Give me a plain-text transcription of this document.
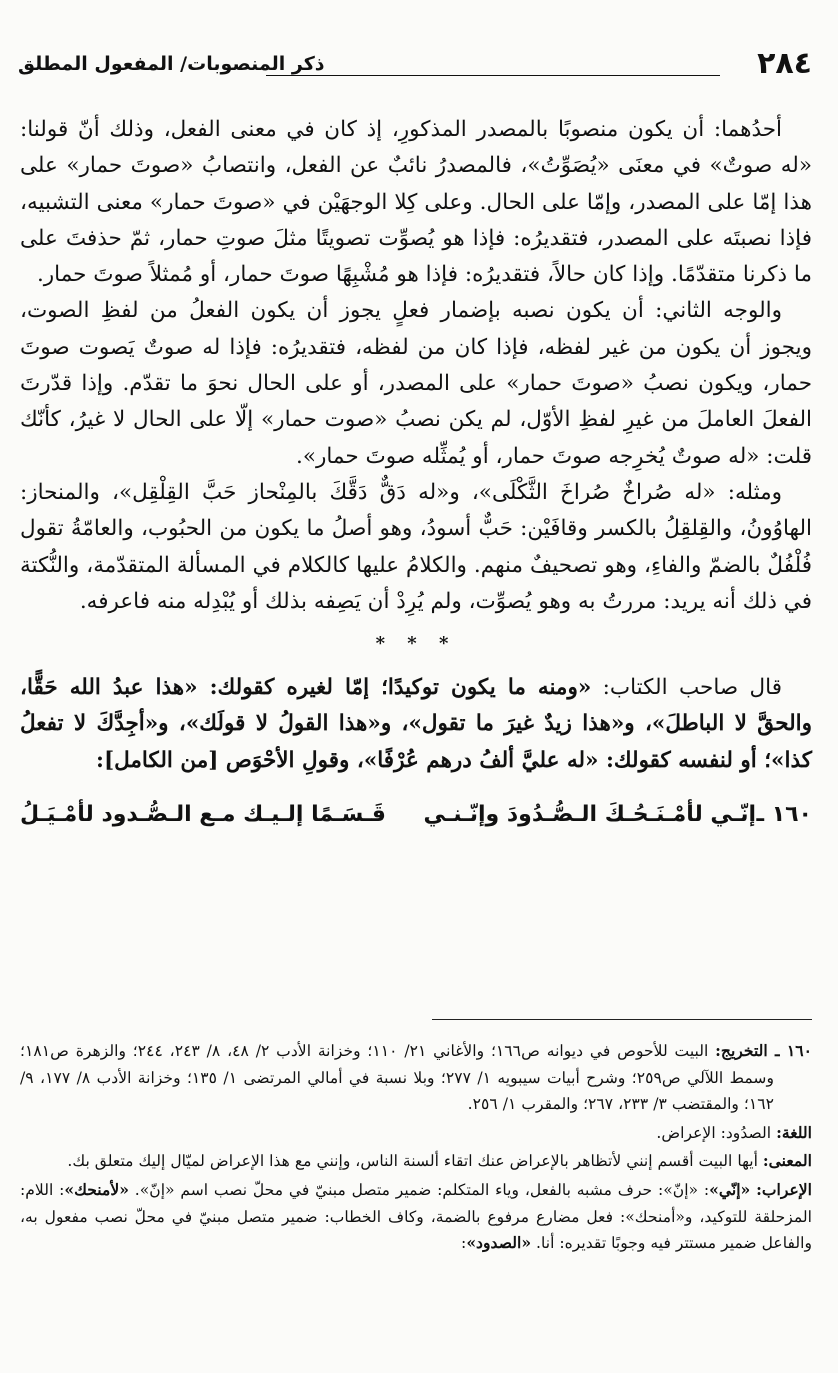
٢٨٤
ذكر المنصوبات/ المفعول المطلق

أحدُهما: أن يكون منصوبًا بالمصدر المذكورِ، إذ كان في معنى الفعل، وذلك أنّ قولنا: «له صوتٌ» في معنَى «يُصَوِّتُ»، فالمصدرُ نائبٌ عن الفعل، وانتصابُ «صوتَ حمار» على هذا إمّا على المصدر، وإمّا على الحال. وعلى كِلا الوجهَيْن في «صوتَ حمار» معنى التشبيه، فإذا نصبتَه على المصدر، فتقديرُه: فإذا هو يُصوِّت تصويتًا مثلَ صوتِ حمار، ثمّ حذفتَ على ما ذكرنا متقدّمًا. وإذا كان حالاً، فتقديرُه: فإذا هو مُشْبِهًا صوتَ حمار، أو مُمثلاً صوتَ حمار.

والوجه الثاني: أن يكون نصبه بإضمار فعلٍ يجوز أن يكون الفعلُ من لفظِ الصوت، ويجوز أن يكون من غير لفظه، فإذا كان من لفظه، فتقديرُه: فإذا له صوتٌ يَصوت صوتَ حمار، ويكون نصبُ «صوتَ حمار» على المصدر، أو على الحال نحوَ ما تقدّم. وإذا قدّرتَ الفعلَ العاملَ من غيرِ لفظِ الأوّل، لم يكن نصبُ «صوت حمار» إلّا على الحال لا غيرُ، كأنّك قلت: «له صوتٌ يُخرِجه صوتَ حمار، أو يُمثِّله صوتَ حمار».

ومثله: «له صُراخٌ صُراخَ الثَّكْلَى»، و«له دَقٌّ دَقَّكَ بالمِنْحاز حَبَّ القِلْقِل»، والمنحاز: الهاوُونُ، والقِلقِلُ بالكسر وقافَيْن: حَبٌّ أسودُ، وهو أصلُ ما يكون من الحبُوب، والعامّةُ تقول فُلْفُلٌ بالضمّ والفاءِ، وهو تصحيفٌ منهم. والكلامُ عليها كالكلام في المسألة المتقدّمة، والنُّكتة في ذلك أنه يريد: مررتُ به وهو يُصوِّت، ولم يُرِدْ أن يَصِفه بذلك أو يُبْدِله منه فاعرفه.

* * *

قال صاحب الكتاب: «ومنه ما يكون توكيدًا؛ إمّا لغيره كقولك: «هذا عبدُ الله حَقًّا، والحقَّ لا الباطلَ»، و«هذا زيدٌ غيرَ ما تقول»، و«هذا القولُ لا قولَك»، و«أجِدَّكَ لا تفعلُ كذا»؛ أو لنفسه كقولك: «له عليَّ ألفُ درهم عُرْفًا»، وقولِ الأحْوَص [من الكامل]:

١٦٠ ـ
إنّـي لأمْـنَـحُـكَ الـصُّـدُودَ وإنّـنـي
قَـسَـمًا إلـيـك مـع الـصُّـدود لأمْـيَـلُ

١٦٠ ـ التخريج: البيت للأحوص في ديوانه ص١٦٦؛ والأغاني ٢١/ ١١٠؛ وخزانة الأدب ٢/ ٤٨، ٨/ ٢٤٣، ٢٤٤؛ والزهرة ص١٨١؛ وسمط اللآلي ص٢٥٩؛ وشرح أبيات سيبويه ١/ ٢٧٧؛ وبلا نسبة في أمالي المرتضى ١/ ١٣٥؛ وخزانة الأدب ٨/ ١٧٧، ٩/ ١٦٢؛ والمقتضب ٣/ ٢٣٣، ٢٦٧؛ والمقرب ١/ ٢٥٦.

اللغة: الصدُود: الإعراض.

المعنى: أيها البيت أقسم إنني لأتظاهر بالإعراض عنك اتقاء ألسنة الناس، وإنني مع هذا الإعراض لميّال إليك متعلق بك.

الإعراب: «إنّي»: «إنّ»: حرف مشبه بالفعل، وياء المتكلم: ضمير متصل مبنيّ في محلّ نصب اسم «إنّ». «لأمنحك»: اللام: المزحلقة للتوكيد، و«أمنحك»: فعل مضارع مرفوع بالضمة، وكاف الخطاب: ضمير متصل مبنيّ في محلّ نصب مفعول به، والفاعل ضمير مستتر فيه وجوبًا تقديره: أنا. «الصدود»:
